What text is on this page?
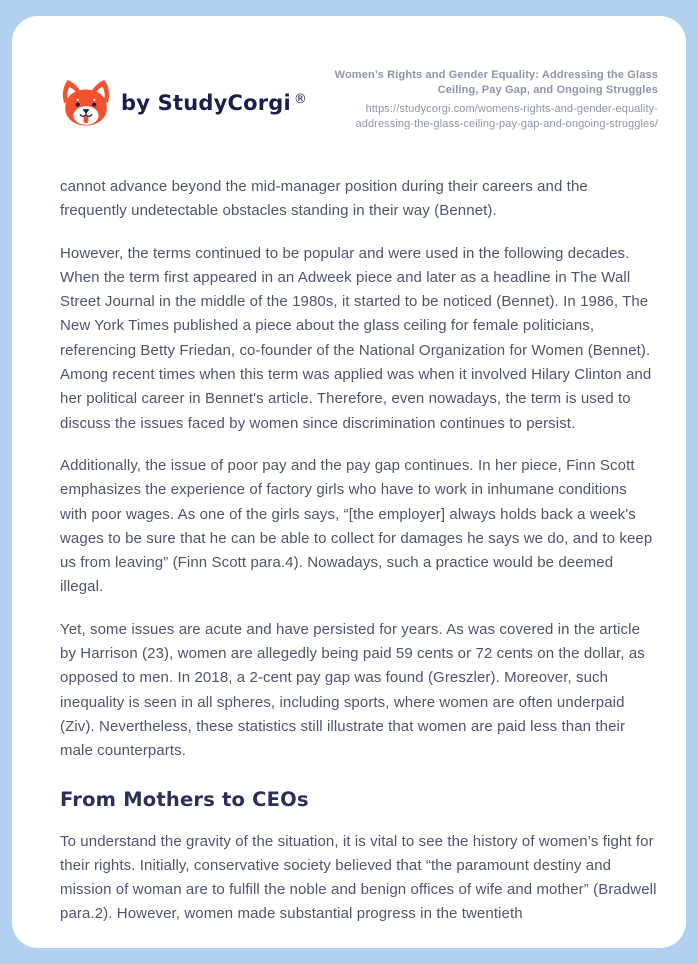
by StudyCorgi ®
Women’s Rights and Gender Equality: Addressing the Glass Ceiling, Pay Gap, and Ongoing Struggles
https://studycorgi.com/womens-rights-and-gender-equality-addressing-the-glass-ceiling-pay-gap-and-ongoing-struggles/

cannot advance beyond the mid-manager position during their careers and the frequently undetectable obstacles standing in their way (Bennet).

However, the terms continued to be popular and were used in the following decades. When the term first appeared in an Adweek piece and later as a headline in The Wall Street Journal in the middle of the 1980s, it started to be noticed (Bennet). In 1986, The New York Times published a piece about the glass ceiling for female politicians, referencing Betty Friedan, co-founder of the National Organization for Women (Bennet). Among recent times when this term was applied was when it involved Hilary Clinton and her political career in Bennet's article. Therefore, even nowadays, the term is used to discuss the issues faced by women since discrimination continues to persist.

Additionally, the issue of poor pay and the pay gap continues. In her piece, Finn Scott emphasizes the experience of factory girls who have to work in inhumane conditions with poor wages. As one of the girls says, “[the employer] always holds back a week's wages to be sure that he can be able to collect for damages he says we do, and to keep us from leaving” (Finn Scott para.4). Nowadays, such a practice would be deemed illegal.

Yet, some issues are acute and have persisted for years. As was covered in the article by Harrison (23), women are allegedly being paid 59 cents or 72 cents on the dollar, as opposed to men. In 2018, a 2-cent pay gap was found (Greszler). Moreover, such inequality is seen in all spheres, including sports, where women are often underpaid (Ziv). Nevertheless, these statistics still illustrate that women are paid less than their male counterparts.

From Mothers to CEOs

To understand the gravity of the situation, it is vital to see the history of women’s fight for their rights. Initially, conservative society believed that “the paramount destiny and mission of woman are to fulfill the noble and benign offices of wife and mother” (Bradwell para.2). However, women made substantial progress in the twentieth
